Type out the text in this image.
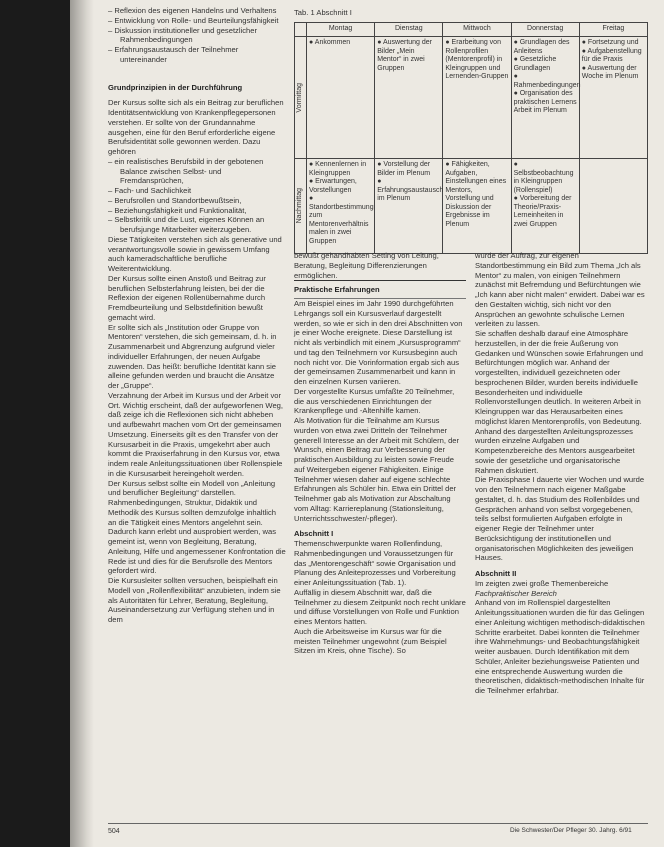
– Reflexion des eigenen Handelns und Verhaltens
– Entwicklung von Rolle- und Beurteilungsfähigkeit
– Diskussion institutioneller und gesetzlicher Rahmenbedingungen
– Erfahrungsaustausch der Teilnehmer untereinander

Grundprinzipien in der Durchführung

Der Kursus sollte sich als ein Beitrag zur beruflichen Identitätsentwicklung von Krankenpflegepersonen verstehen. Er sollte von der Grundannahme ausgehen, eine für den Beruf erforderliche eigene Berufsidentität solle gewonnen werden. Dazu gehören

– ein realistisches Berufsbild in der gebotenen Balance zwischen Selbst- und Fremdansprüchen,
– Fach- und Sachlichkeit
– Berufsrollen und Standortbewußtsein,
– Beziehungsfähigkeit und Funktionalität,
– Selbstkritik und die Lust, eigenes Können an berufsjunge Mitarbeiter weiterzugeben.

Diese Tätigkeiten verstehen sich als generative und verantwortungsvolle sowie in gewissem Umfang auch kameradschaftliche berufliche Weiterentwicklung.

Der Kursus sollte einen Anstoß und Beitrag zur beruflichen Selbsterfahrung leisten, bei der die Reflexion der eigenen Rollenübernahme durch Fremdbeurteilung und Selbstdefinition bewußt gemacht wird.

Er sollte sich als „Institution oder Gruppe von Mentoren“ verstehen, die sich gemeinsam, d. h. in Zusammenarbeit und Abgrenzung aufgrund vieler individueller Erfahrungen, der neuen Aufgabe zuwenden. Das heißt: berufliche Identität kann sie alleine gefunden werden und braucht die Ansätze der „Gruppe“.

Verzahnung der Arbeit im Kursus und der Arbeit vor Ort. Wichtig erscheint, daß der aufgeworfenen Weg, daß zeige ich die Reflexionen sich nicht abheben und aufbewahrt machen vom Ort der gemeinsamen Umsetzung. Einerseits gilt es den Transfer von der Kursusarbeit in die Praxis, umgekehrt aber auch kommt die Praxiserfahrung in den Kursus vor, etwa indem reale Anleitungssituationen über Rollenspiele in die Kursusarbeit hereingeholt werden.

Der Kursus selbst sollte ein Modell von „Anleitung und beruflicher Begleitung“ darstellen. Rahmenbedingungen, Struktur, Didaktik und Methodik des Kursus sollten demzufolge inhaltlich an die Tätigkeit eines Mentors angelehnt sein. Dadurch kann erlebt und ausprobiert werden, was gemeint ist, wenn von Begleitung, Beratung, Anleitung, Hilfe und angemessener Konfrontation die Rede ist und dies für die Berufsrolle des Mentors gefordert wird.

Die Kursusleiter sollten versuchen, beispielhaft ein Modell von „Rollenflexibilität“ anzubieten, indem sie als Autoritäten für Lehrer, Beratung, Begleitung, Auseinandersetzung zur Verfügung stehen und in dem

Tab. 1 Abschnitt I
	Montag	Dienstag	Mittwoch	Donnerstag	Freitag

Vormittag	● Ankommen	● Auswertung der Bilder „Mein Mentor“ in zwei Gruppen	● Erarbeitung von Rollenprofilen (Mentorenprofil) in Kleingruppen und Lernenden-Gruppen	● Grundlagen des Anleitens
● Gesetzliche Grundlagen
● Rahmenbedingungen
● Organisation des praktischen Lernens
Arbeit im Plenum	● Fortsetzung und
● Aufgabenstellung für die Praxis
● Auswertung der Woche im Plenum

Nachmittag	● Kennenlernen in Kleingruppen
● Erwartungen, Vorstellungen
● Standortbestimmung zum Mentorenverhältnis malen in zwei Gruppen	● Vorstellung der Bilder im Plenum
● Erfahrungsaustausch im Plenum	● Fähigkeiten, Aufgaben, Einstellungen eines Mentors, Vorstellung und Diskussion der Ergebnisse im Plenum	● Selbstbeobachtung in Kleingruppen (Rollenspiel)
● Vorbereitung der Theorie/Praxis-Lerneinheiten in zwei Gruppen	

bewußt gehandhabten Setting von Leitung, Beratung, Begleitung Differenzierungen ermöglichen.

Praktische Erfahrungen

Am Beispiel eines im Jahr 1990 durchgeführten Lehrgangs soll ein Kursusverlauf dargestellt werden, so wie er sich in den drei Abschnitten von je einer Woche ereignete. Diese Darstellung ist nicht als verbindlich mit einem „Kursusprogramm“ und tag den Teilnehmern vor Kursusbeginn auch noch nicht vor. Die Vorinformation ergab sich aus der gemeinsamen Zusammenarbeit und kann in den einzelnen Kursen variieren.

Der vorgestellte Kursus umfaßte 20 Teilnehmer, die aus verschiedenen Einrichtungen der Krankenpflege und -Altenhilfe kamen.

Als Motivation für die Teilnahme am Kursus wurden von etwa zwei Dritteln der Teilnehmer generell Interesse an der Arbeit mit Schülern, der Wunsch, einen Beitrag zur Verbesserung der praktischen Ausbildung zu leisten sowie Freude auf Weitergeben eigener Fähigkeiten. Einige Teilnehmer wiesen daher auf eigene schlechte Erfahrungen als Schüler hin. Etwa ein Drittel der Teilnehmer gab als Motivation zur Abschaltung vom Alltag: Karriereplanung (Stationsleitung, Unterrichtsschwester/-pfleger).

Abschnitt I

Themenschwerpunkte waren Rollenfindung, Rahmenbedingungen und Voraussetzungen für das „Mentorengeschäft“ sowie Organisation und Planung des Anleiteprozesses und Vorbereitung einer Anleitungssituation (Tab. 1).

Auffällig in diesem Abschnitt war, daß die Teilnehmer zu diesem Zeitpunkt noch recht unklare und diffuse Vorstellungen von Rolle und Funktion eines Mentors hatten.

Auch die Arbeitsweise im Kursus war für die meisten Teilnehmer ungewohnt (zum Beispiel Sitzen im Kreis, ohne Tische). So

wurde der Auftrag, zur eigenen Standortbestimmung ein Bild zum Thema „Ich als Mentor“ zu malen, von einigen Teilnehmern zunächst mit Befremdung und Befürchtungen wie „Ich kann aber nicht malen“ erwidert. Dabei war es den Gestalten wichtig, sich nicht vor den Ansprüchen an gewohnte schulische Lernen verleiten zu lassen.

Sie schaffen deshalb darauf eine Atmosphäre herzustellen, in der die freie Äußerung von Gedanken und Wünschen sowie Erfahrungen und Befürchtungen möglich war. Anhand der vorgestellten, individuell gezeichneten oder besprochenen Bilder, wurden bereits individuelle Besonderheiten und individuelle Rollenvorstellungen deutlich. In weiteren Arbeit in Kleingruppen war das Herausarbeiten eines möglichst klaren Mentorenprofils, von Bedeutung. Anhand des dargestellten Anleitungsprozesses wurden einzelne Aufgaben und Kompetenzbereiche des Mentors ausgearbeitet sowie der gesetzliche und organisatorische Rahmen diskutiert.

Die Praxisphase I dauerte vier Wochen und wurde von den Teilnehmern nach eigener Maßgabe gestaltet, d. h. das Studium des Rollenbildes und Gesprächen anhand von selbst vorgegebenen, teils selbst formulierten Aufgaben erfolgte in eigener Regie der Teilnehmer unter Berücksichtigung der institutionellen und organisatorischen Möglichkeiten des jeweiligen Hauses.

Abschnitt II

Im zeigten zwei große Themenbereiche

Fachpraktischer Bereich

Anhand von im Rollenspiel dargestellten Anleitungssituationen wurden die für das Gelingen einer Anleitung wichtigen methodisch-didaktischen Schritte erarbeitet. Dabei konnten die Teilnehmer ihre Wahrnehmungs- und Beobachtungsfähigkeit weiter ausbauen. Durch Identifikation mit dem Schüler, Anleiter beziehungsweise Patienten und eine entsprechende Auswertung wurden die theoretischen, didaktisch-methodischen Inhalte für die Teilnehmer erfahrbar.

504	Die Schwester/Der Pfleger 30. Jahrg. 6/91
